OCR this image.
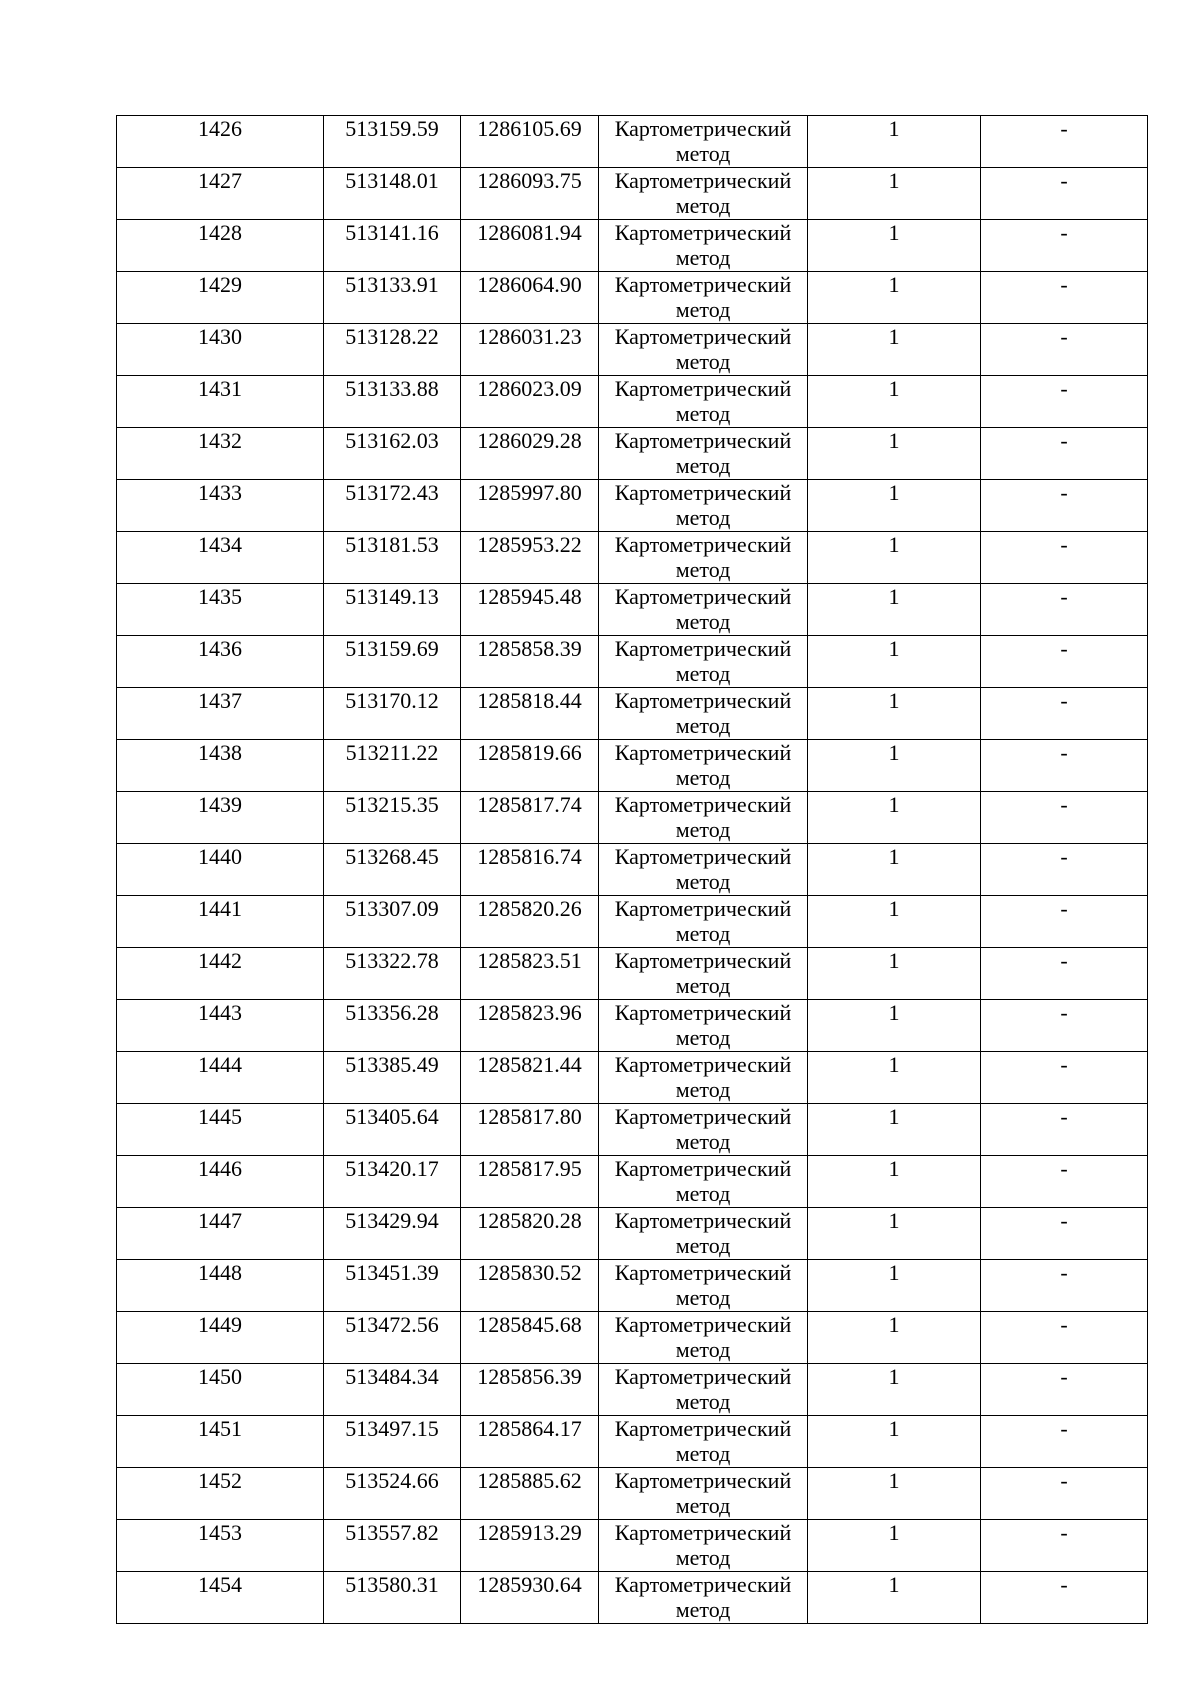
1426	513159.59	1286105.69	Картометрический
метод	1	-

1427	513148.01	1286093.75	Картометрический
метод	1	-

1428	513141.16	1286081.94	Картометрический
метод	1	-

1429	513133.91	1286064.90	Картометрический
метод	1	-

1430	513128.22	1286031.23	Картометрический
метод	1	-

1431	513133.88	1286023.09	Картометрический
метод	1	-

1432	513162.03	1286029.28	Картометрический
метод	1	-

1433	513172.43	1285997.80	Картометрический
метод	1	-

1434	513181.53	1285953.22	Картометрический
метод	1	-

1435	513149.13	1285945.48	Картометрический
метод	1	-

1436	513159.69	1285858.39	Картометрический
метод	1	-

1437	513170.12	1285818.44	Картометрический
метод	1	-

1438	513211.22	1285819.66	Картометрический
метод	1	-

1439	513215.35	1285817.74	Картометрический
метод	1	-

1440	513268.45	1285816.74	Картометрический
метод	1	-

1441	513307.09	1285820.26	Картометрический
метод	1	-

1442	513322.78	1285823.51	Картометрический
метод	1	-

1443	513356.28	1285823.96	Картометрический
метод	1	-

1444	513385.49	1285821.44	Картометрический
метод	1	-

1445	513405.64	1285817.80	Картометрический
метод	1	-

1446	513420.17	1285817.95	Картометрический
метод	1	-

1447	513429.94	1285820.28	Картометрический
метод	1	-

1448	513451.39	1285830.52	Картометрический
метод	1	-

1449	513472.56	1285845.68	Картометрический
метод	1	-

1450	513484.34	1285856.39	Картометрический
метод	1	-

1451	513497.15	1285864.17	Картометрический
метод	1	-

1452	513524.66	1285885.62	Картометрический
метод	1	-

1453	513557.82	1285913.29	Картометрический
метод	1	-

1454	513580.31	1285930.64	Картометрический
метод	1	-
